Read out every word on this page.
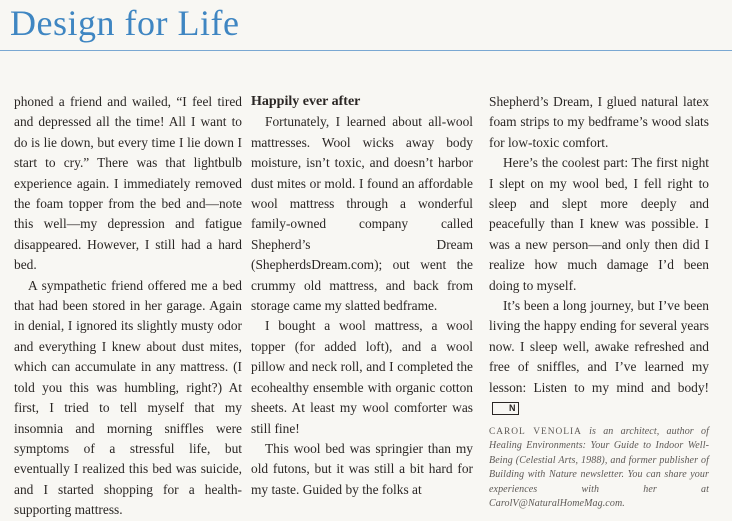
Design for Life

phoned a friend and wailed, “I feel tired and depressed all the time! All I want to do is lie down, but every time I lie down I start to cry.” There was that lightbulb experience again. I immediately removed the foam topper from the bed and—note this well—my depression and fatigue disappeared. However, I still had a hard bed.

A sympathetic friend offered me a bed that had been stored in her garage. Again in denial, I ignored its slightly musty odor and everything I knew about dust mites, which can accumulate in any mattress. (I told you this was humbling, right?) At first, I tried to tell myself that my insomnia and morning sniffles were symptoms of a stressful life, but eventually I realized this bed was suicide, and I started shopping for a health-supporting mattress.

Happily ever after

Fortunately, I learned about all-wool mattresses. Wool wicks away body moisture, isn’t toxic, and doesn’t harbor dust mites or mold. I found an affordable wool mattress through a wonderful family-owned company called Shepherd’s Dream (ShepherdsDream.com); out went the crummy old mattress, and back from storage came my slatted bedframe.

I bought a wool mattress, a wool topper (for added loft), and a wool pillow and neck roll, and I completed the ecohealthy ensemble with organic cotton sheets. At least my wool comforter was still fine!

This wool bed was springier than my old futons, but it was still a bit hard for my taste. Guided by the folks at

Shepherd’s Dream, I glued natural latex foam strips to my bedframe’s wood slats for low-toxic comfort.

Here’s the coolest part: The first night I slept on my wool bed, I fell right to sleep and slept more deeply and peacefully than I knew was possible. I was a new person—and only then did I realize how much damage I’d been doing to myself.

It’s been a long journey, but I’ve been living the happy ending for several years now. I sleep well, awake refreshed and free of sniffles, and I’ve learned my lesson: Listen to my mind and body!N

CAROL VENOLIA is an architect, author of Healing Environments: Your Guide to Indoor Well-Being (Celestial Arts, 1988), and former publisher of Building with Nature newsletter. You can share your experiences with her at CarolV@NaturalHomeMag.com.
